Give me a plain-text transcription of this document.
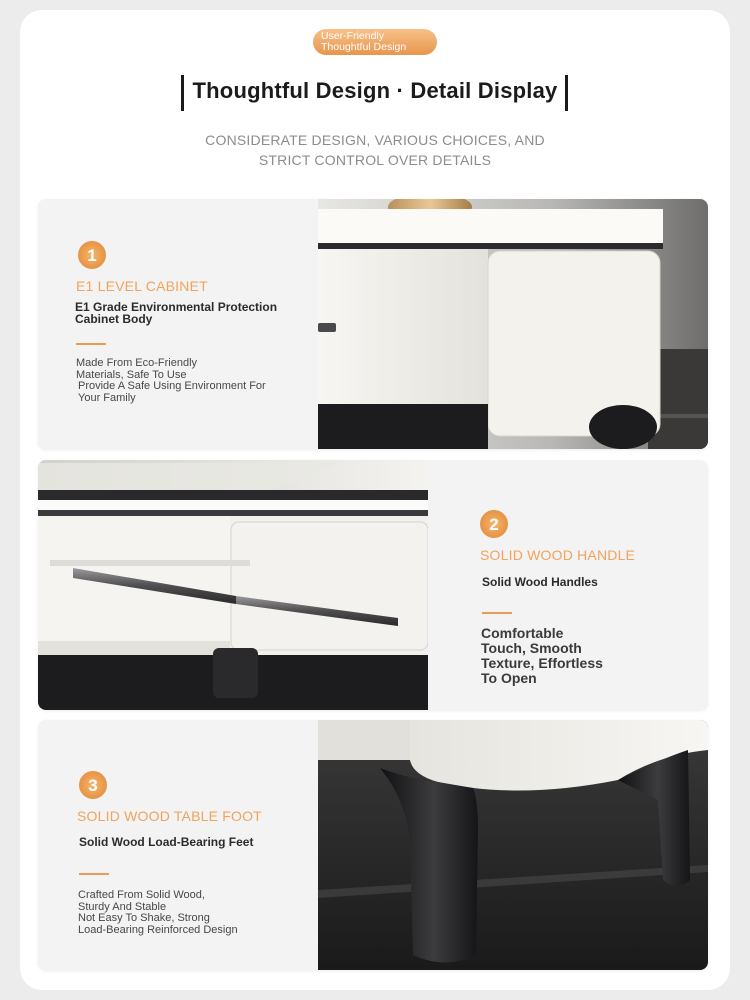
User-Friendly
Thoughtful Design
Thoughtful Design · Detail Display
CONSIDERATE DESIGN, VARIOUS CHOICES, AND
STRICT CONTROL OVER DETAILS
1
E1 LEVEL CABINET
E1 Grade Environmental Protection
Cabinet Body
Made From Eco-Friendly
Materials, Safe To Use
Provide A Safe Using Environment For
Your Family
2
SOLID WOOD HANDLE
Solid Wood Handles
Comfortable
Touch, Smooth
Texture, Effortless
To Open
3
SOLID WOOD TABLE FOOT
Solid Wood Load-Bearing Feet
Crafted From Solid Wood,
Sturdy And Stable
Not Easy To Shake, Strong
Load-Bearing Reinforced Design
